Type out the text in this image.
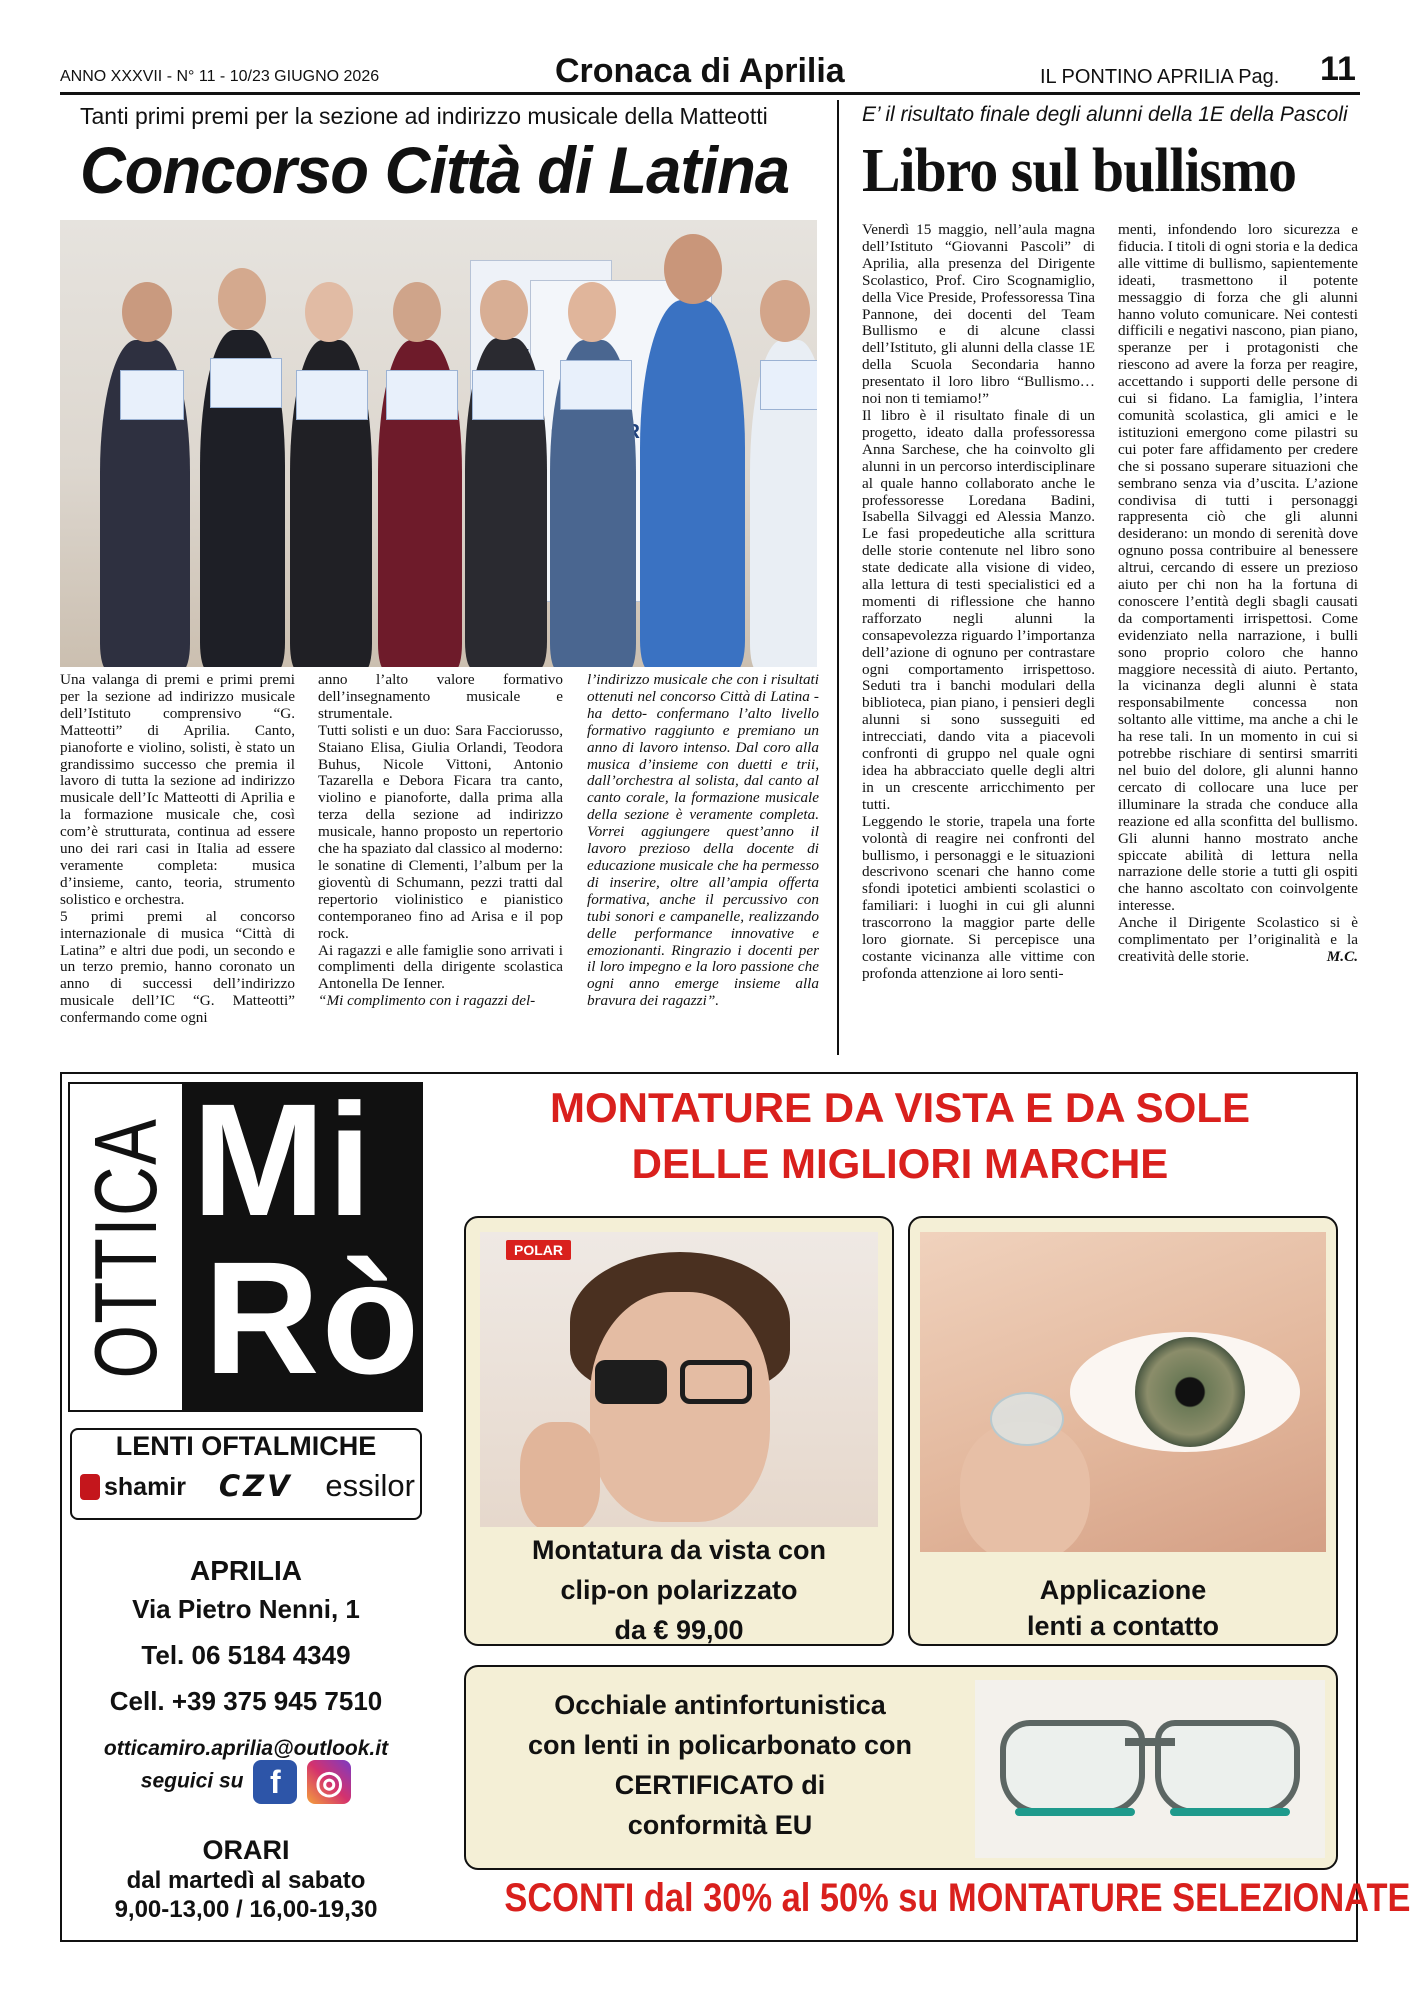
ANNO XXXVII - N° 11 - 10/23 GIUGNO 2026	Cronaca di Aprilia	IL PONTINO APRILIA Pag. 11
Tanti primi premi per la sezione ad indirizzo musicale della Matteotti
Concorso Città di Latina

Una valanga di premi e primi premi per la sezione ad indirizzo musicale dell’Istituto comprensivo “G. Matteotti” di Aprilia. Canto, pianoforte e violino, solisti, è stato un grandissimo successo che premia il lavoro di tutta la sezione ad indirizzo musicale dell’Ic Matteotti di Aprilia e la formazione musicale che, così com’è strutturata, continua ad essere uno dei rari casi in Italia ad essere veramente completa: musica d’insieme, canto, teoria, strumento solistico e orchestra.

5 primi premi al concorso internazionale di musica “Città di Latina” e altri due podi, un secondo e un terzo premio, hanno coronato un anno di successi dell’indirizzo musicale dell’IC “G. Matteotti” confermando come ogni

anno l’alto valore formativo dell’insegnamento musicale e strumentale.

Tutti solisti e un duo: Sara Facciorusso, Staiano Elisa, Giulia Orlandi, Teodora Buhus, Nicole Vittoni, Antonio Tazarella e Debora Ficara tra canto, violino e pianoforte, dalla prima alla terza della sezione ad indirizzo musicale, hanno proposto un repertorio che ha spaziato dal classico al moderno: le sonatine di Clementi, l’album per la gioventù di Schumann, pezzi tratti dal repertorio violinistico e pianistico contemporaneo fino ad Arisa e il pop rock.

Ai ragazzi e alle famiglie sono arrivati i complimenti della dirigente scolastica Antonella De Ienner.

“Mi complimento con i ragazzi del-

l’indirizzo musicale che con i risultati ottenuti nel concorso Città di Latina -ha detto- confermano l’alto livello formativo raggiunto e premiano un anno di lavoro intenso. Dal coro alla musica d’insieme con duetti e trii, dall’orchestra al solista, dal canto al canto corale, la formazione musicale della sezione è veramente completa. Vorrei aggiungere quest’anno il lavoro prezioso della docente di educazione musicale che ha permesso di inserire, oltre all’ampia offerta formativa, anche il percussivo con tubi sonori e campanelle, realizzando delle performance innovative e emozionanti. Ringrazio i docenti per il loro impegno e la loro passione che ogni anno emerge insieme alla bravura dei ragazzi”.

E’ il risultato finale degli alunni della 1E della Pascoli
Libro sul bullismo

Venerdì 15 maggio, nell’aula magna dell’Istituto “Giovanni Pascoli” di Aprilia, alla presenza del Dirigente Scolastico, Prof. Ciro Scognamiglio, della Vice Preside, Professoressa Tina Pannone, dei docenti del Team Bullismo e di alcune classi dell’Istituto, gli alunni della classe 1E della Scuola Secondaria hanno presentato il loro libro “Bullismo…noi non ti temiamo!”

Il libro è il risultato finale di un progetto, ideato dalla professoressa Anna Sarchese, che ha coinvolto gli alunni in un percorso interdisciplinare al quale hanno collaborato anche le professoresse Loredana Badini, Isabella Silvaggi ed Alessia Manzo. Le fasi propedeutiche alla scrittura delle storie contenute nel libro sono state dedicate alla visione di video, alla lettura di testi specialistici ed a momenti di riflessione che hanno rafforzato negli alunni la consapevolezza riguardo l’importanza dell’azione di ognuno per contrastare ogni comportamento irrispettoso. Seduti tra i banchi modulari della biblioteca, pian piano, i pensieri degli alunni si sono susseguiti ed intrecciati, dando vita a piacevoli confronti di gruppo nel quale ogni idea ha abbracciato quelle degli altri in un crescente arricchimento per tutti.

Leggendo le storie, trapela una forte volontà di reagire nei confronti del bullismo, i personaggi e le situazioni descrivono scenari che hanno come sfondi ipotetici ambienti scolastici o familiari: i luoghi in cui gli alunni trascorrono la maggior parte delle loro giornate. Si percepisce una costante vicinanza alle vittime con profonda attenzione ai loro senti-

menti, infondendo loro sicurezza e fiducia. I titoli di ogni storia e la dedica alle vittime di bullismo, sapientemente ideati, trasmettono il potente messaggio di forza che gli alunni hanno voluto comunicare. Nei contesti difficili e negativi nascono, pian piano, speranze per i protagonisti che riescono ad avere la forza per reagire, accettando i supporti delle persone di cui si fidano. La famiglia, l’intera comunità scolastica, gli amici e le istituzioni emergono come pilastri su cui poter fare affidamento per credere che si possano superare situazioni che sembrano senza via d’uscita. L’azione condivisa di tutti i personaggi rappresenta ciò che gli alunni desiderano: un mondo di serenità dove ognuno possa contribuire al benessere altrui, cercando di essere un prezioso aiuto per chi non ha la fortuna di conoscere l’entità degli sbagli causati da comportamenti irrispettosi. Come evidenziato nella narrazione, i bulli sono proprio coloro che hanno maggiore necessità di aiuto. Pertanto, la vicinanza degli alunni è stata responsabilmente concessa non soltanto alle vittime, ma anche a chi le ha rese tali. In un momento in cui si potrebbe rischiare di sentirsi smarriti nel buio del dolore, gli alunni hanno cercato di collocare una luce per illuminare la strada che conduce alla reazione ed alla sconfitta del bullismo. Gli alunni hanno mostrato anche spiccate abilità di lettura nella narrazione delle storie a tutti gli ospiti che hanno ascoltato con coinvolgente interesse.

Anche il Dirigente Scolastico si è complimentato per l’originalità e la creatività delle storie.	M.C.

OTTICA Mi
Rò
LENTI OFTALMICHE
shamir CZV essilor
APRILIA
Via Pietro Nenni, 1
Tel. 06 5184 4349
Cell. +39 375 945 7510
otticamiro.aprilia@outlook.it
seguici su f ◎
ORARI
dal martedì al sabato
9,00-13,00 / 16,00-19,30
MONTATURE DA VISTA E DA SOLE
DELLE MIGLIORI MARCHE
POLAR
Montatura da vista con
clip-on polarizzato
da € 99,00
Applicazione
lenti a contatto
Occhiale antinfortunistica
con lenti in policarbonato con
CERTIFICATO di
conformità EU
SCONTI dal 30% al 50% su MONTATURE SELEZIONATE
